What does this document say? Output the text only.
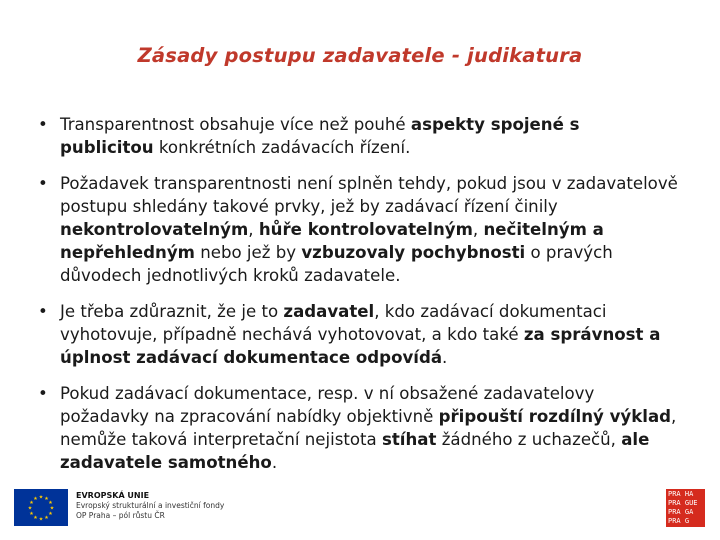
Zásady postupu zadavatele - judikatura
• Transparentnost obsahuje více než pouhé aspekty spojené s publicitou konkrétních zadávacích řízení.
• Požadavek transparentnosti není splněn tehdy, pokud jsou v zadavatelově postupu shledány takové prvky, jež by zadávací řízení činily nekontrolovatelným, hůře kontrolovatelným, nečitelným a nepřehledným nebo jež by vzbuzovaly pochybnosti o pravých důvodech jednotlivých kroků zadavatele.
• Je třeba zdůraznit, že je to zadavatel, kdo zadávací dokumentaci vyhotovuje, případně nechává vyhotovovat, a kdo také za správnost a úplnost zadávací dokumentace odpovídá.
• Pokud zadávací dokumentace, resp. v ní obsažené zadavatelovy požadavky na zpracování nabídky objektivně připouští rozdílný výklad, nemůže taková interpretační nejistota stíhat žádného z uchazečů, ale zadavatele samotného.
★ ★
★
★
★
★
★
★
★
★
★
★	EVROPSKÁ UNIE
Evropský strukturální a investiční fondy
OP Praha – pól růstu ČR
PRA HA
PRA GUE
PRA GA
PRA G
